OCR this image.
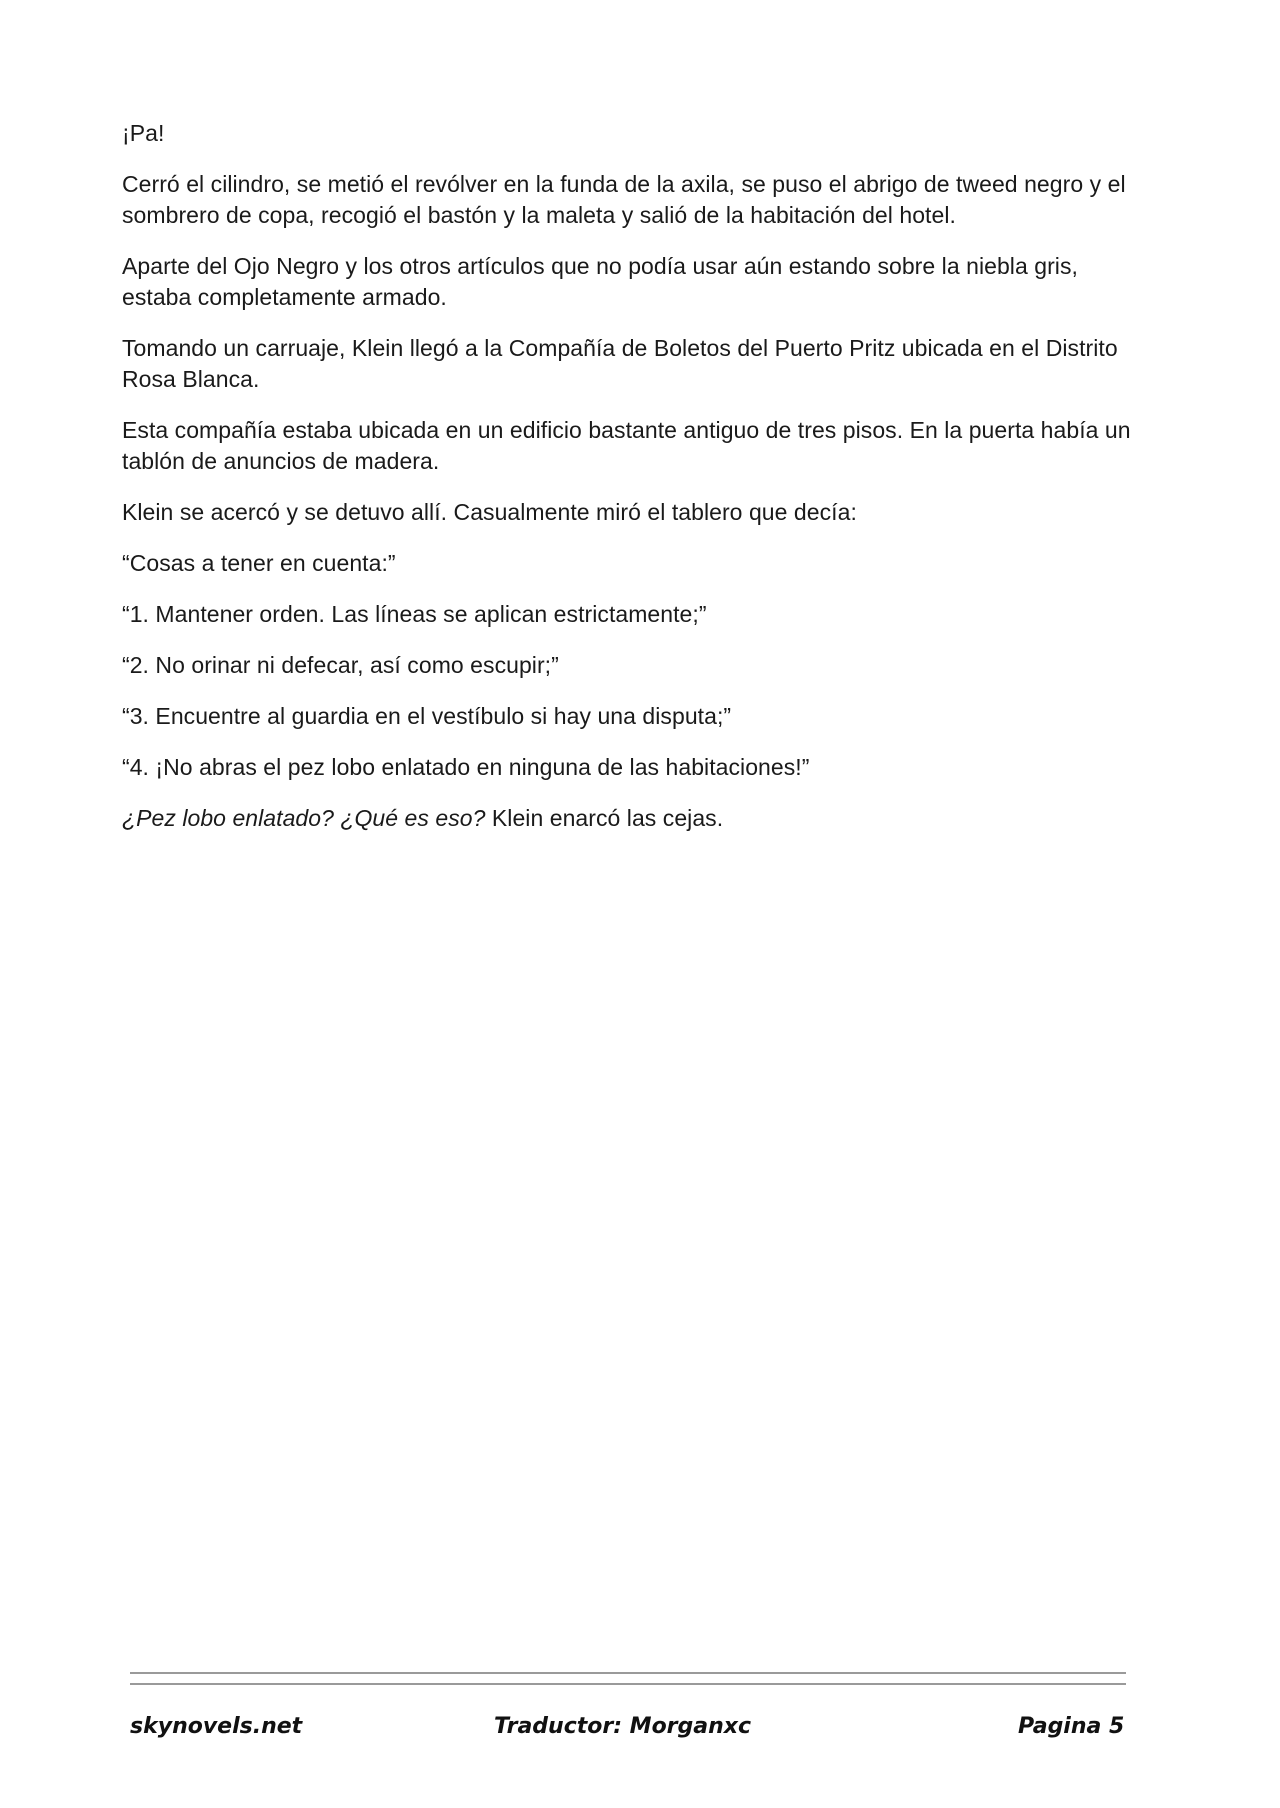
¡Pa!

Cerró el cilindro, se metió el revólver en la funda de la axila, se puso el abrigo de tweed negro y el sombrero de copa, recogió el bastón y la maleta y salió de la habitación del hotel.

Aparte del Ojo Negro y los otros artículos que no podía usar aún estando sobre la niebla gris, estaba completamente armado.

Tomando un carruaje, Klein llegó a la Compañía de Boletos del Puerto Pritz ubicada en el Distrito Rosa Blanca.

Esta compañía estaba ubicada en un edificio bastante antiguo de tres pisos. En la puerta había un tablón de anuncios de madera.

Klein se acercó y se detuvo allí. Casualmente miró el tablero que decía:

“Cosas a tener en cuenta:”

“1. Mantener orden. Las líneas se aplican estrictamente;”

“2. No orinar ni defecar, así como escupir;”

“3. Encuentre al guardia en el vestíbulo si hay una disputa;”

“4. ¡No abras el pez lobo enlatado en ninguna de las habitaciones!”

¿Pez lobo enlatado? ¿Qué es eso? Klein enarcó las cejas.

skynovels.net	Traductor: Morganxc	Pagina 5
